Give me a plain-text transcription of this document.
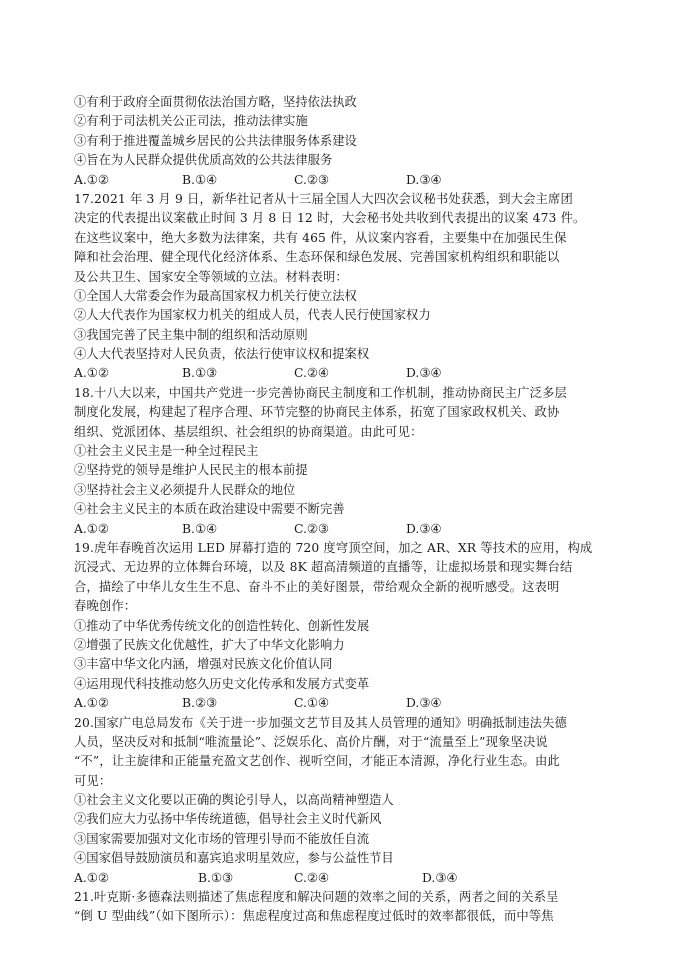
①有利于政府全面贯彻依法治国方略，坚持依法执政
②有利于司法机关公正司法，推动法律实施
③有利于推进覆盖城乡居民的公共法律服务体系建设
④旨在为人民群众提供优质高效的公共法律服务
A.①②	B.①④	C.②③	D.③④
17.2021 年 3 月 9 日，新华社记者从十三届全国人大四次会议秘书处获悉，到大会主席团
决定的代表提出议案截止时间 3 月 8 日 12 时，大会秘书处共收到代表提出的议案 473 件。
在这些议案中，绝大多数为法律案，共有 465 件，从议案内容看，主要集中在加强民生保
障和社会治理、健全现代化经济体系、生态环保和绿色发展、完善国家机构组织和职能以
及公共卫生、国家安全等领域的立法。材料表明：
①全国人大常委会作为最高国家权力机关行使立法权
②人大代表作为国家权力机关的组成人员，代表人民行使国家权力
③我国完善了民主集中制的组织和活动原则
④人大代表坚持对人民负责，依法行使审议权和提案权
A.①②	B.①③	C.②④	D.③④
18.十八大以来，中国共产党进一步完善协商民主制度和工作机制，推动协商民主广泛多层
制度化发展，构建起了程序合理、环节完整的协商民主体系，拓宽了国家政权机关、政协
组织、党派团体、基层组织、社会组织的协商渠道。由此可见：
①社会主义民主是一种全过程民主
②坚持党的领导是维护人民民主的根本前提
③坚持社会主义必须提升人民群众的地位
④社会主义民主的本质在政治建设中需要不断完善
A.①②	B.①④	C.②③	D.③④
19.虎年春晚首次运用 LED 屏幕打造的 720 度穹顶空间，加之 AR、XR 等技术的应用，构成
沉浸式、无边界的立体舞台环境，以及 8K 超高清频道的直播等，让虚拟场景和现实舞台结
合，描绘了中华儿女生生不息、奋斗不止的美好图景，带给观众全新的视听感受。这表明
春晚创作：
①推动了中华优秀传统文化的创造性转化、创新性发展
②增强了民族文化优越性，扩大了中华文化影响力
③丰富中华文化内涵，增强对民族文化价值认同
④运用现代科技推动悠久历史文化传承和发展方式变革
A.①②	B.②③	C.①④	D.③④
20.国家广电总局发布《关于进一步加强文艺节目及其人员管理的通知》明确抵制违法失德
人员，坚决反对和抵制“唯流量论”、泛娱乐化、高价片酬，对于“流量至上”现象坚决说
“不”，让主旋律和正能量充盈文艺创作、视听空间，才能正本清源，净化行业生态。由此
可见：
①社会主义文化要以正确的舆论引导人，以高尚精神塑造人
②我们应大力弘扬中华传统道德，倡导社会主义时代新风
③国家需要加强对文化市场的管理引导而不能放任自流
④国家倡导鼓励演员和嘉宾追求明星效应，参与公益性节目
A.①②	B.①③	C.②④	D.③④
21.叶克斯·多德森法则描述了焦虑程度和解决问题的效率之间的关系，两者之间的关系呈
“倒 U 型曲线”（如下图所示）：焦虑程度过高和焦虑程度过低时的效率都很低，而中等焦
